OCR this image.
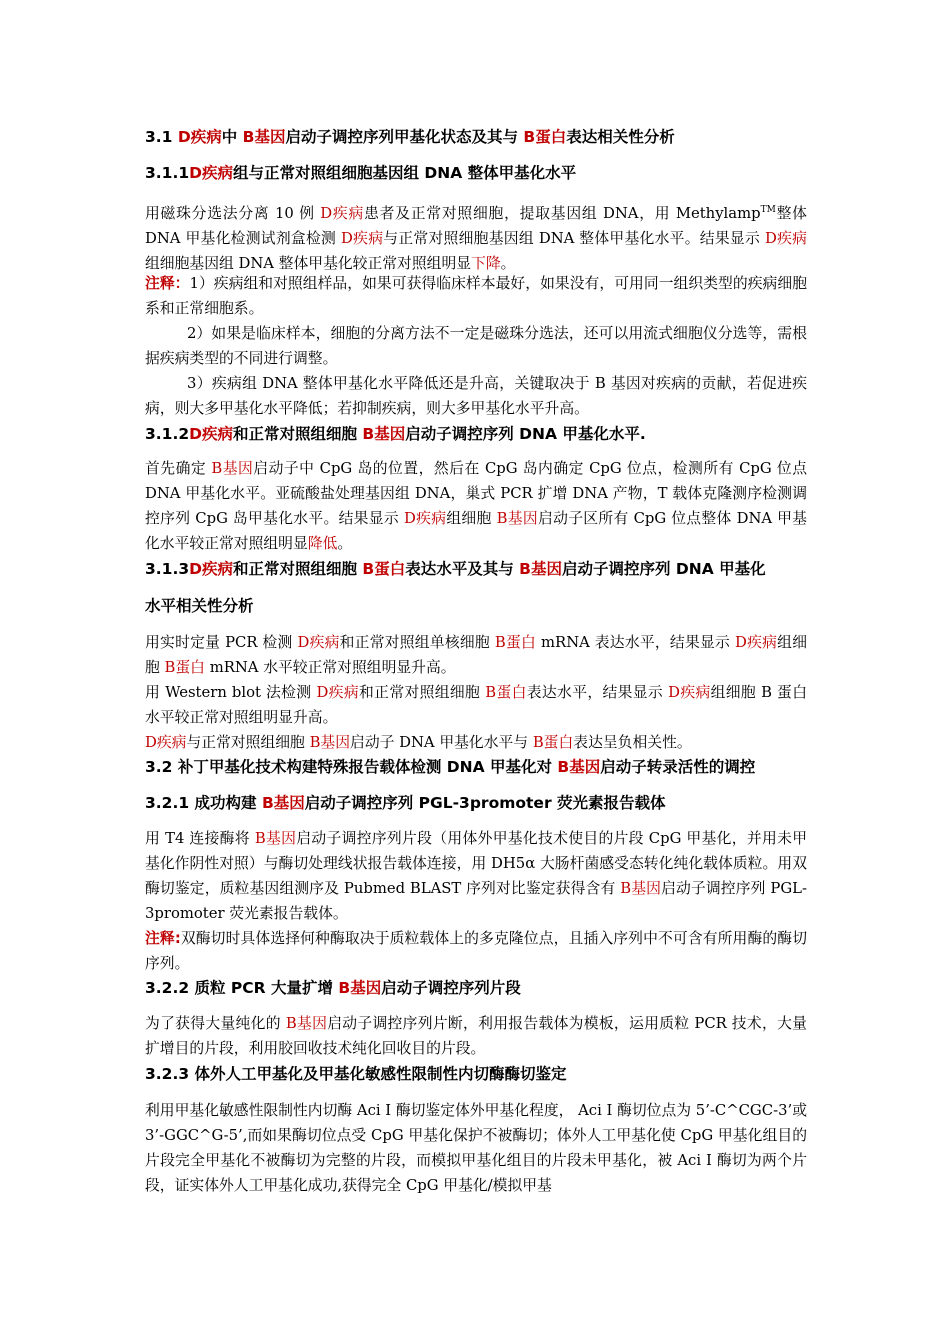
3.1 D疾病中 B基因启动子调控序列甲基化状态及其与 B蛋白表达相关性分析
3.1.1D疾病组与正常对照组细胞基因组 DNA 整体甲基化水平
用磁珠分选法分离 10 例 D疾病患者及正常对照细胞，提取基因组 DNA，用 Methylamp™整体 DNA 甲基化检测试剂盒检测 D疾病与正常对照细胞基因组 DNA 整体甲基化水平。结果显示 D疾病组细胞基因组 DNA 整体甲基化较正常对照组明显下降。
注释：1）疾病组和对照组样品，如果可获得临床样本最好，如果没有，可用同一组织类型的疾病细胞系和正常细胞系。
2）如果是临床样本，细胞的分离方法不一定是磁珠分选法，还可以用流式细胞仪分选等，需根据疾病类型的不同进行调整。
3）疾病组 DNA 整体甲基化水平降低还是升高，关键取决于 B 基因对疾病的贡献，若促进疾病，则大多甲基化水平降低；若抑制疾病，则大多甲基化水平升高。
3.1.2D疾病和正常对照组细胞 B基因启动子调控序列 DNA 甲基化水平.
首先确定 B基因启动子中 CpG 岛的位置，然后在 CpG 岛内确定 CpG 位点，检测所有 CpG 位点 DNA 甲基化水平。亚硫酸盐处理基因组 DNA，巢式 PCR 扩增 DNA 产物，T 载体克隆测序检测调控序列 CpG 岛甲基化水平。结果显示 D疾病组细胞 B基因启动子区所有 CpG 位点整体 DNA 甲基化水平较正常对照组明显降低。
3.1.3D疾病和正常对照组细胞 B蛋白表达水平及其与 B基因启动子调控序列 DNA 甲基化
水平相关性分析
用实时定量 PCR 检测 D疾病和正常对照组单核细胞 B蛋白 mRNA 表达水平，结果显示 D疾病组细胞 B蛋白 mRNA 水平较正常对照组明显升高。
用 Western blot 法检测 D疾病和正常对照组细胞 B蛋白表达水平，结果显示 D疾病组细胞 B 蛋白水平较正常对照组明显升高。
D疾病与正常对照组细胞 B基因启动子 DNA 甲基化水平与 B蛋白表达呈负相关性。
3.2 补丁甲基化技术构建特殊报告载体检测 DNA 甲基化对 B基因启动子转录活性的调控
3.2.1 成功构建 B基因启动子调控序列 PGL-3promoter 荧光素报告载体
用 T4 连接酶将 B基因启动子调控序列片段（用体外甲基化技术使目的片段 CpG 甲基化，并用未甲基化作阴性对照）与酶切处理线状报告载体连接，用 DH5α 大肠杆菌感受态转化纯化载体质粒。用双酶切鉴定，质粒基因组测序及 Pubmed BLAST 序列对比鉴定获得含有 B基因启动子调控序列 PGL-3promoter 荧光素报告载体。
注释:双酶切时具体选择何种酶取决于质粒载体上的多克隆位点，且插入序列中不可含有所用酶的酶切序列。
3.2.2 质粒 PCR 大量扩增 B基因启动子调控序列片段
为了获得大量纯化的 B基因启动子调控序列片断，利用报告载体为模板，运用质粒 PCR 技术，大量扩增目的片段，利用胶回收技术纯化回收目的片段。
3.2.3 体外人工甲基化及甲基化敏感性限制性内切酶酶切鉴定
利用甲基化敏感性限制性内切酶 Aci I 酶切鉴定体外甲基化程度， Aci I 酶切位点为 5’-C^CGC-3’或 3’-GGC^G-5’,而如果酶切位点受 CpG 甲基化保护不被酶切；体外人工甲基化使 CpG 甲基化组目的片段完全甲基化不被酶切为完整的片段，而模拟甲基化组目的片段未甲基化，被 Aci I 酶切为两个片段，证实体外人工甲基化成功,获得完全 CpG 甲基化/模拟甲基
